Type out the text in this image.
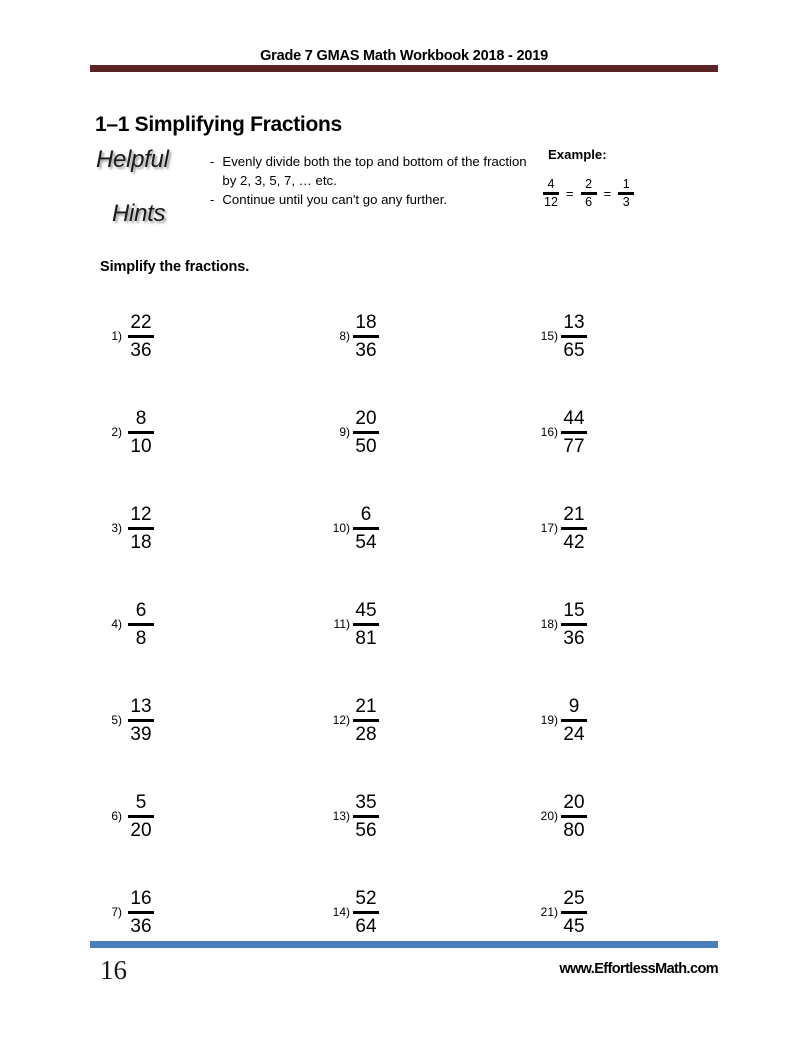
Grade 7 GMAS Math Workbook 2018 - 2019
1–1 Simplifying Fractions
Helpful
Hints
- Evenly divide both the top and bottom of the fraction by 2, 3, 5, 7, … etc.
- Continue until you can't go any further.
Example:
$\frac{4}{12} = \frac{2}{6} = \frac{1}{3}$
Simplify the fractions.
$1) \frac{22}{36}$
$2) \frac{8}{10}$
$3) \frac{12}{18}$
$4) \frac{6}{8}$
$5) \frac{13}{39}$
$6) \frac{5}{20}$
$7) \frac{16}{36}$
$8) \frac{18}{36}$
$9) \frac{20}{50}$
$10) \frac{6}{54}$
$11) \frac{45}{81}$
$12) \frac{21}{28}$
$13) \frac{35}{56}$
$14) \frac{52}{64}$
$15) \frac{13}{65}$
$16) \frac{44}{77}$
$17) \frac{21}{42}$
$18) \frac{15}{36}$
$19) \frac{9}{24}$
$20) \frac{20}{80}$
$21) \frac{25}{45}$
16	www.EffortlessMath.com
